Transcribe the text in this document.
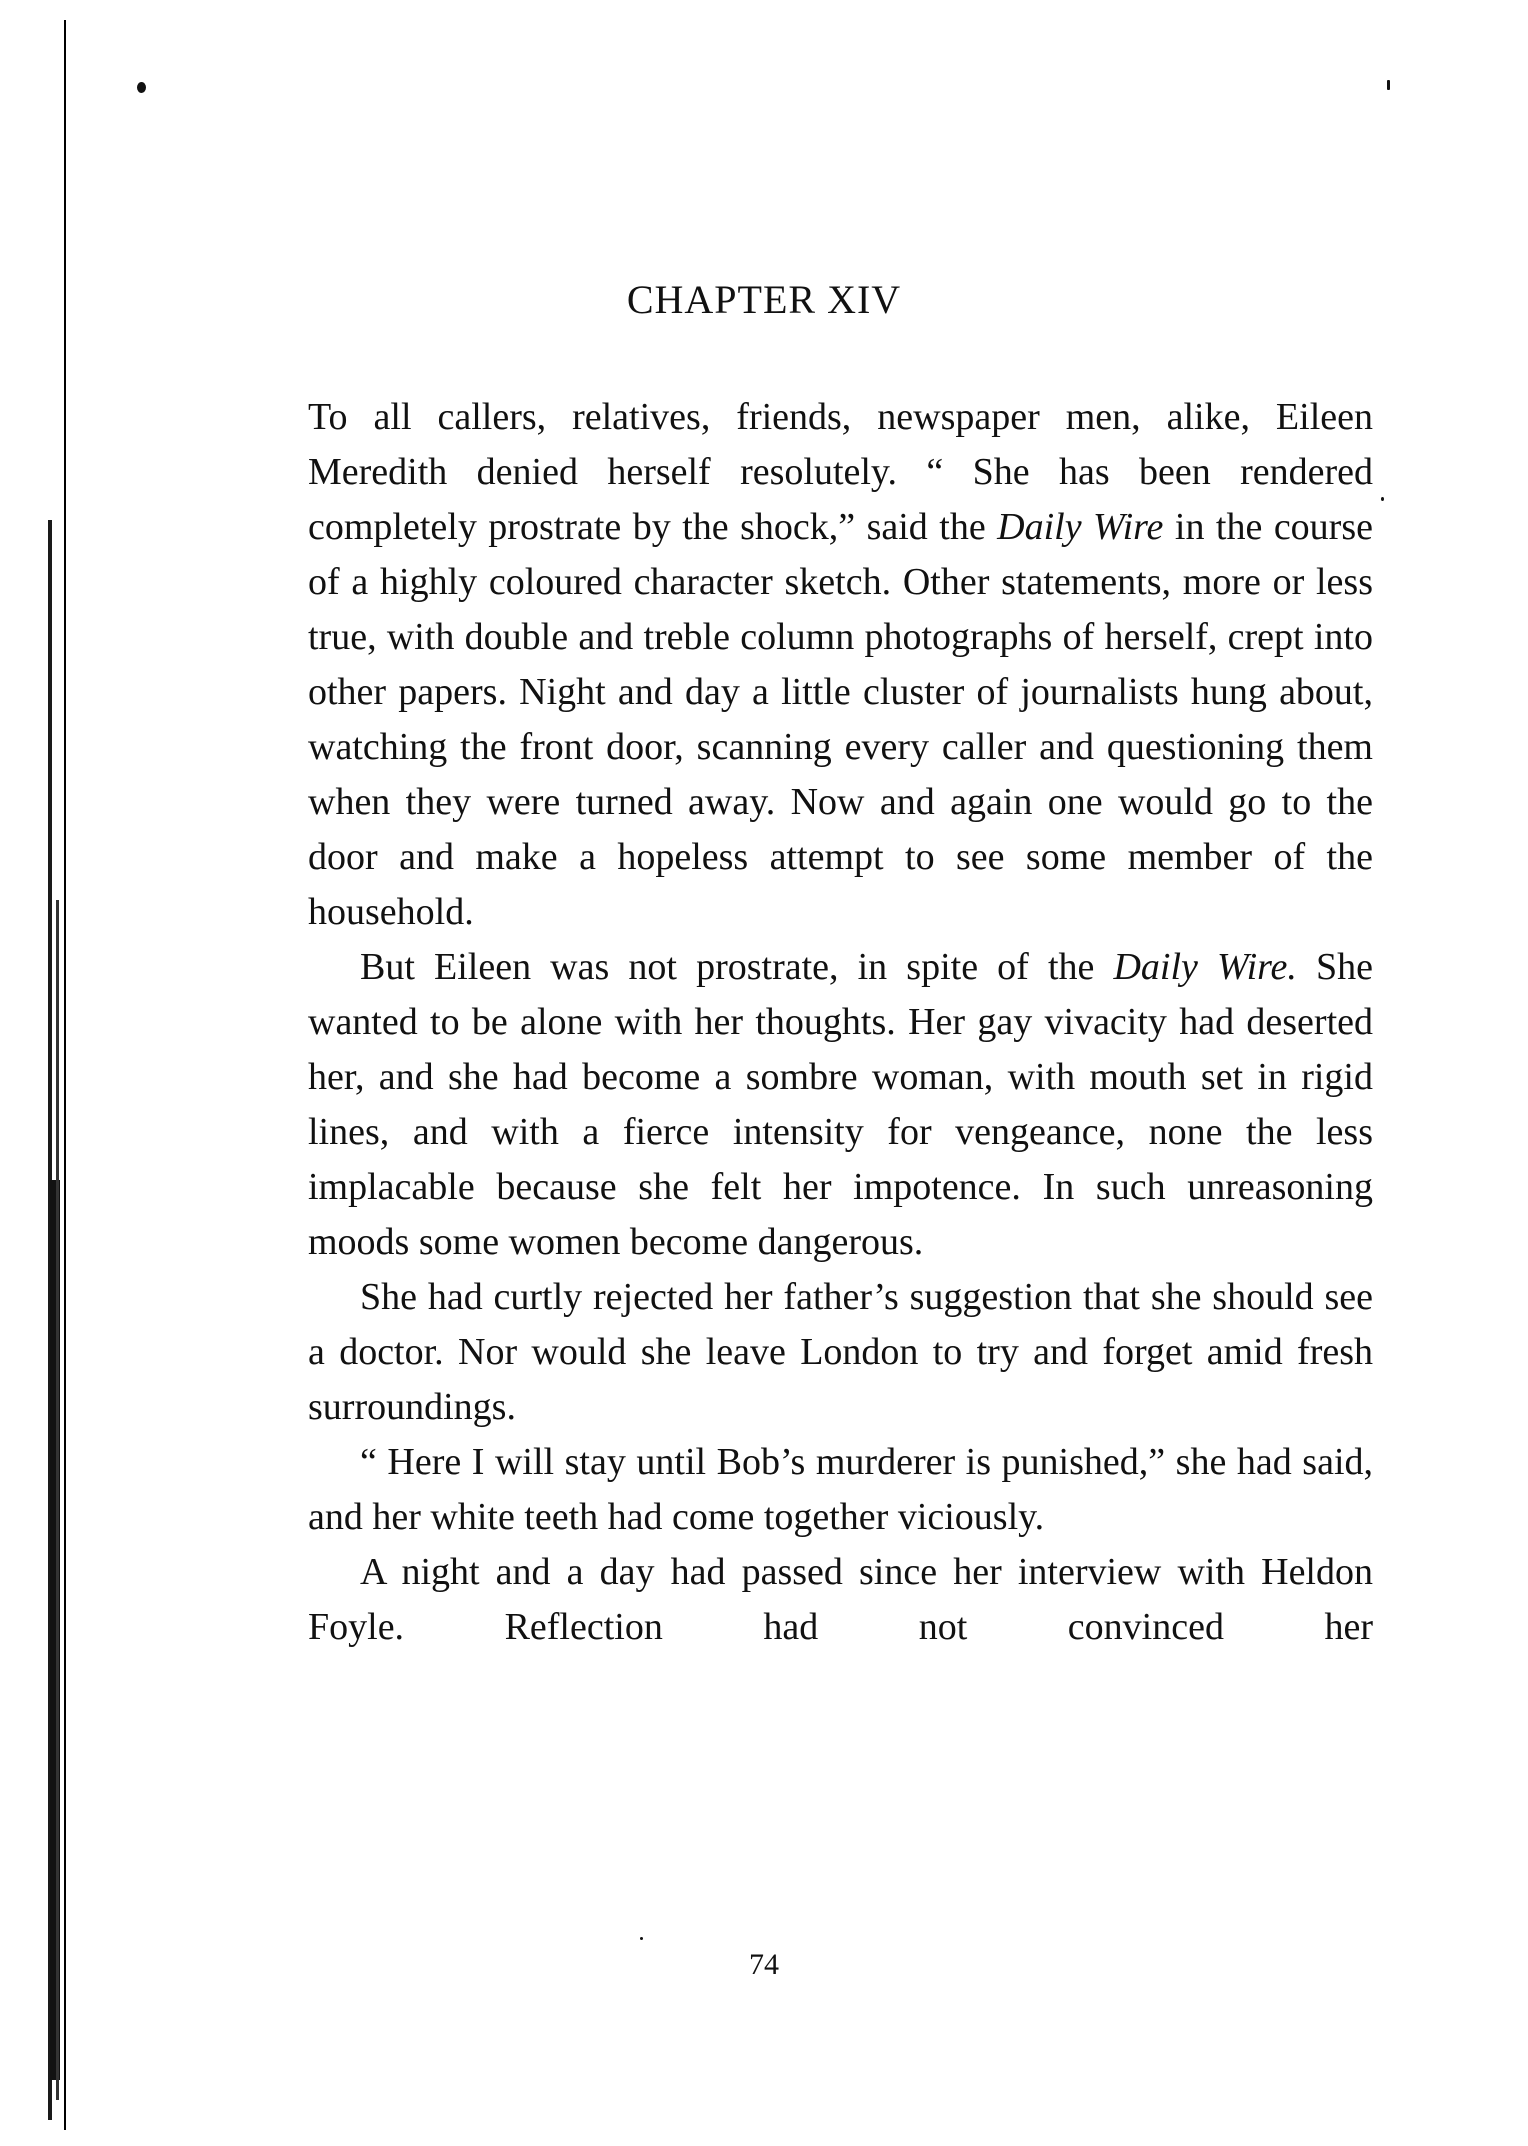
CHAPTER XIV

To all callers, relatives, friends, newspaper men, alike, Eileen Meredith denied herself resolutely. “ She has been rendered completely prostrate by the shock,” said the Daily Wire in the course of a highly coloured character sketch. Other statements, more or less true, with double and treble column photographs of herself, crept into other papers. Night and day a little cluster of journalists hung about, watching the front door, scanning every caller and questioning them when they were turned away. Now and again one would go to the door and make a hopeless attempt to see some member of the household.

But Eileen was not prostrate, in spite of the Daily Wire. She wanted to be alone with her thoughts. Her gay vivacity had deserted her, and she had become a sombre woman, with mouth set in rigid lines, and with a fierce intensity for vengeance, none the less implacable because she felt her impotence. In such unreasoning moods some women become dangerous.

She had curtly rejected her father’s suggestion that she should see a doctor. Nor would she leave London to try and forget amid fresh surroundings.

“ Here I will stay until Bob’s murderer is punished,” she had said, and her white teeth had come together viciously.

A night and a day had passed since her interview with Heldon Foyle. Reflection had not convinced her

74
